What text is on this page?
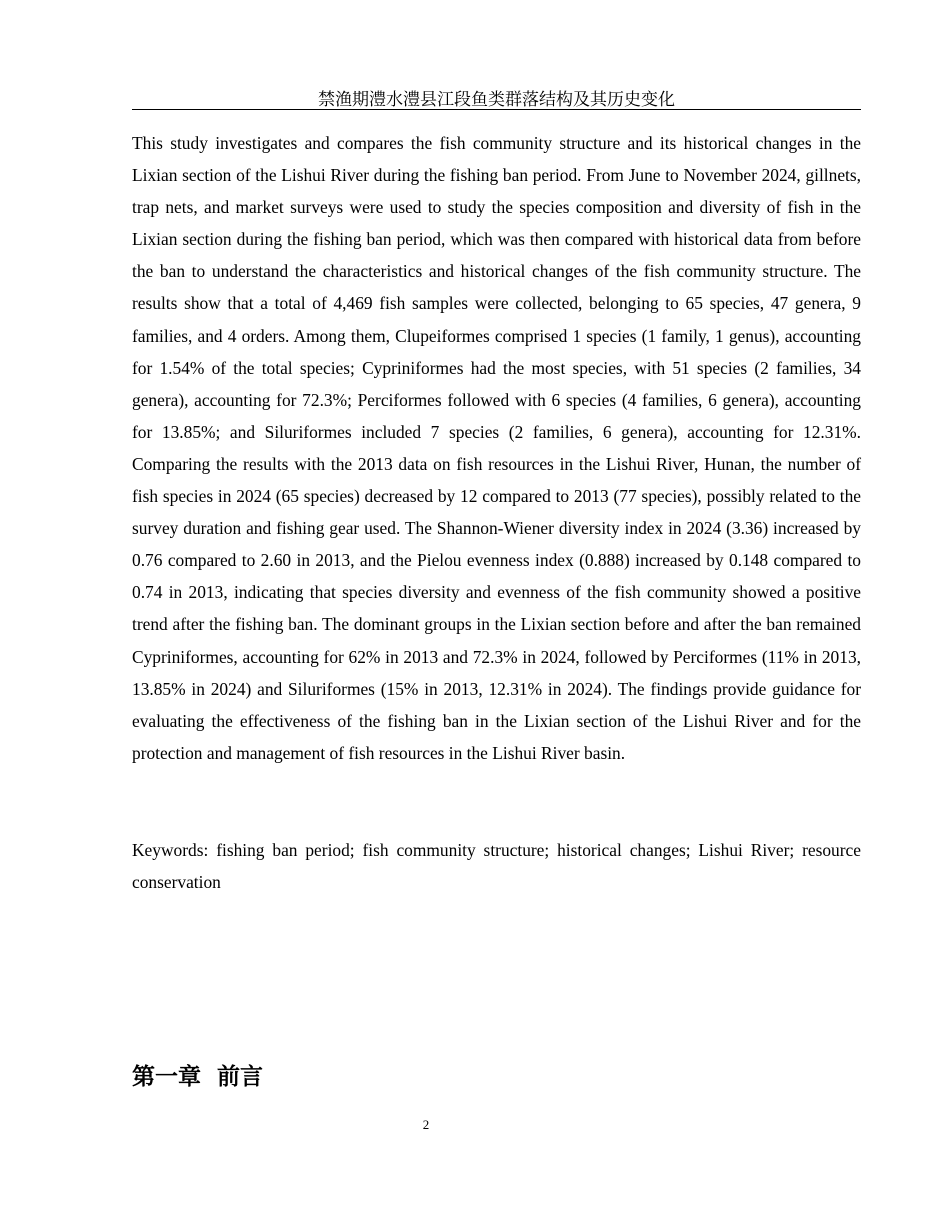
禁渔期澧水澧县江段鱼类群落结构及其历史变化

This study investigates and compares the fish community structure and its historical changes in the Lixian section of the Lishui River during the fishing ban period. From June to November 2024, gillnets, trap nets, and market surveys were used to study the species composition and diversity of fish in the Lixian section during the fishing ban period, which was then compared with historical data from before the ban to understand the characteristics and historical changes of the fish community structure. The results show that a total of 4,469 fish samples were collected, belonging to 65 species, 47 genera, 9 families, and 4 orders. Among them, Clupeiformes comprised 1 species (1 family, 1 genus), accounting for 1.54% of the total species; Cypriniformes had the most species, with 51 species (2 families, 34 genera), accounting for 72.3%; Perciformes followed with 6 species (4 families, 6 genera), accounting for 13.85%; and Siluriformes included 7 species (2 families, 6 genera), accounting for 12.31%. Comparing the results with the 2013 data on fish resources in the Lishui River, Hunan, the number of fish species in 2024 (65 species) decreased by 12 compared to 2013 (77 species), possibly related to the survey duration and fishing gear used. The Shannon-Wiener diversity index in 2024 (3.36) increased by 0.76 compared to 2.60 in 2013, and the Pielou evenness index (0.888) increased by 0.148 compared to 0.74 in 2013, indicating that species diversity and evenness of the fish community showed a positive trend after the fishing ban. The dominant groups in the Lixian section before and after the ban remained Cypriniformes, accounting for 62% in 2013 and 72.3% in 2024, followed by Perciformes (11% in 2013, 13.85% in 2024) and Siluriformes (15% in 2013, 12.31% in 2024). The findings provide guidance for evaluating the effectiveness of the fishing ban in the Lixian section of the Lishui River and for the protection and management of fish resources in the Lishui River basin.

Keywords: fishing ban period; fish community structure; historical changes; Lishui River; resource conservation

第一章  前言
2
